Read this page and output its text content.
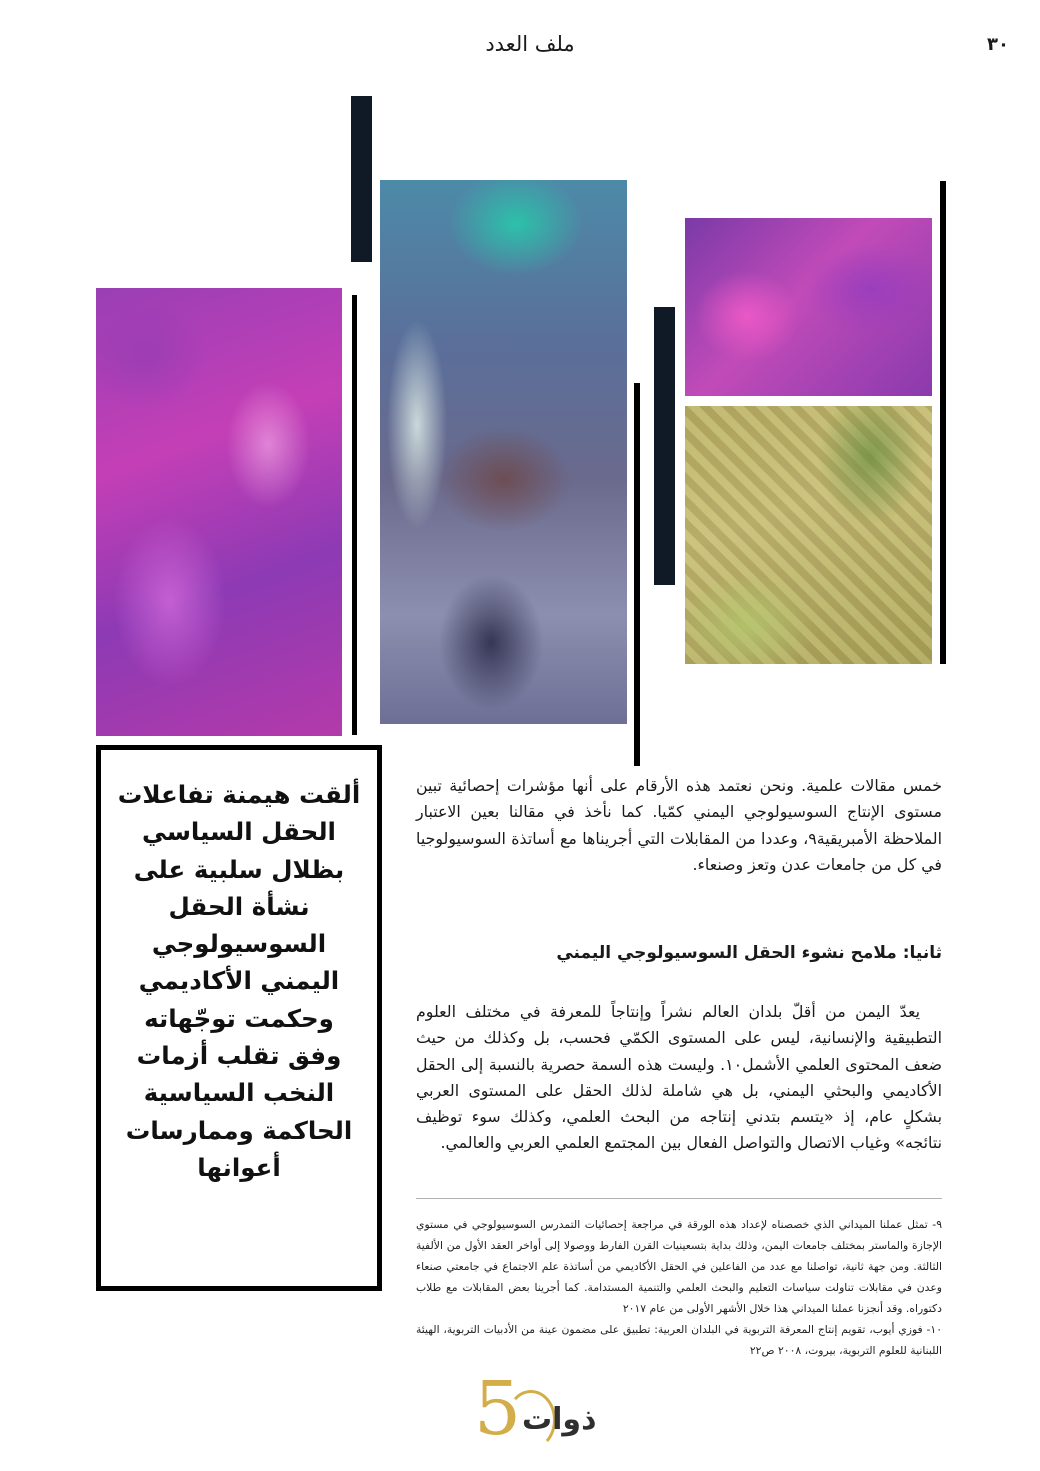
٣٠
ملف العدد
ألقت هيمنة تفاعلات الحقل السياسي بظلال سلبية على نشأة الحقل السوسيولوجي اليمني الأكاديمي وحكمت توجّهاته وفق تقلب أزمات النخب السياسية الحاكمة وممارسات أعوانها
خمس مقالات علمية. ونحن نعتمد هذه الأرقام على أنها مؤشرات إحصائية تبين مستوى الإنتاج السوسيولوجي اليمني كمّيا. كما نأخذ في مقالنا بعين الاعتبار الملاحظة الأمبريقية٩، وعددا من المقابلات التي أجريناها مع أساتذة السوسيولوجيا في كل من جامعات عدن وتعز وصنعاء.
ثانيا: ملامح نشوء الحقل السوسيولوجي اليمني
يعدّ اليمن من أقلّ بلدان العالم نشراً وإنتاجاً للمعرفة في مختلف العلوم التطبيقية والإنسانية، ليس على المستوى الكمّي فحسب، بل وكذلك من حيث ضعف المحتوى العلمي الأشمل١٠. وليست هذه السمة حصرية بالنسبة إلى الحقل الأكاديمي والبحثي اليمني، بل هي شاملة لذلك الحقل على المستوى العربي بشكلٍ عام، إذ «يتسم بتدني إنتاجه من البحث العلمي، وكذلك سوء توظيف نتائجه» وغياب الاتصال والتواصل الفعال بين المجتمع العلمي العربي والعالمي.
٩- تمثل عملنا الميداني الذي خصصناه لإعداد هذه الورقة في مراجعة إحصائيات التمدرس السوسيولوجي في مستوي الإجازة والماستر بمختلف جامعات اليمن، وذلك بداية بتسعينيات القرن الفارط ووصولا إلى أواخر العقد الأول من الألفية الثالثة. ومن جهة ثانية، تواصلنا مع عدد من الفاعلين في الحقل الأكاديمي من أساتذة علم الاجتماع في جامعتي صنعاء وعدن في مقابلات تناولت سياسات التعليم والبحث العلمي والتنمية المستدامة. كما أجرينا بعض المقابلات مع طلاب دكتوراه. وقد أنجزنا عملنا الميداني هذا خلال الأشهر الأولى من عام ٢٠١٧
١٠- فوزي أيوب، تقويم إنتاج المعرفة التربوية في البلدان العربية: تطبيق على مضمون عينة من الأدبيات التربوية، الهيئة اللبنانية للعلوم التربوية، بيروت، ٢٠٠٨ ص٢٢
5 ذوات
